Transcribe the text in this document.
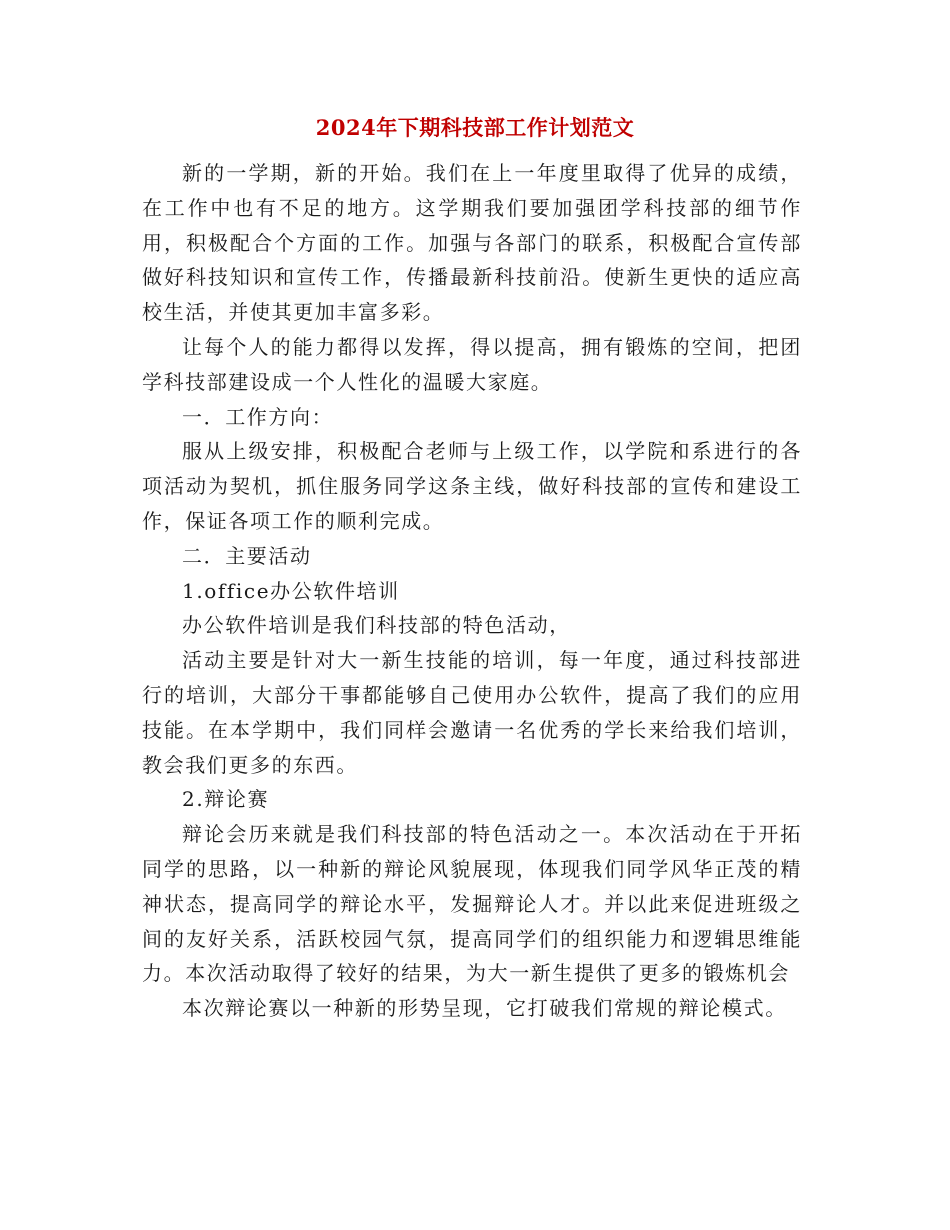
2024年下期科技部工作计划范文

新的一学期，新的开始。我们在上一年度里取得了优异的成绩，在工作中也有不足的地方。这学期我们要加强团学科技部的细节作用，积极配合个方面的工作。加强与各部门的联系，积极配合宣传部做好科技知识和宣传工作，传播最新科技前沿。使新生更快的适应高校生活，并使其更加丰富多彩。

让每个人的能力都得以发挥，得以提高，拥有锻炼的空间，把团学科技部建设成一个人性化的温暖大家庭。

一．工作方向：

服从上级安排，积极配合老师与上级工作，以学院和系进行的各项活动为契机，抓住服务同学这条主线，做好科技部的宣传和建设工作，保证各项工作的顺利完成。

二．主要活动

1.office办公软件培训

办公软件培训是我们科技部的特色活动，

活动主要是针对大一新生技能的培训，每一年度，通过科技部进行的培训，大部分干事都能够自己使用办公软件，提高了我们的应用技能。在本学期中，我们同样会邀请一名优秀的学长来给我们培训，教会我们更多的东西。

2.辩论赛

辩论会历来就是我们科技部的特色活动之一。本次活动在于开拓同学的思路，以一种新的辩论风貌展现，体现我们同学风华正茂的精神状态，提高同学的辩论水平，发掘辩论人才。并以此来促进班级之间的友好关系，活跃校园气氛，提高同学们的组织能力和逻辑思维能力。本次活动取得了较好的结果，为大一新生提供了更多的锻炼机会

本次辩论赛以一种新的形势呈现，它打破我们常规的辩论模式。
